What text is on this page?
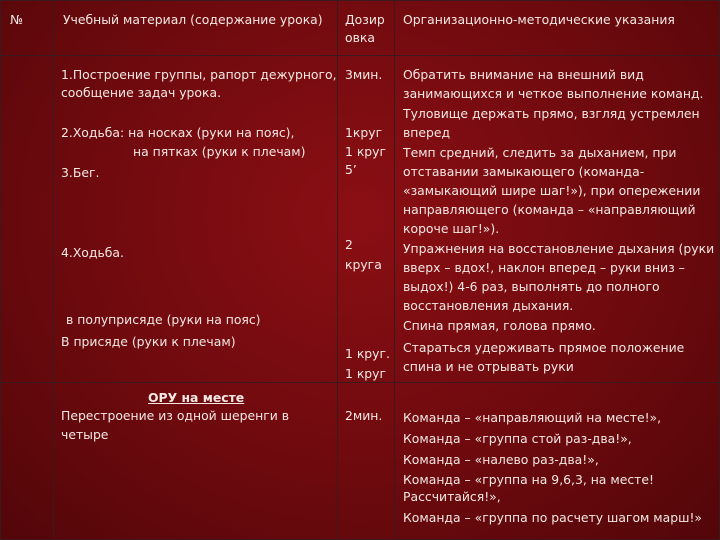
№	Учебный материал (содержание урока) Дозир
овка
Организационно-методические указания
1.Построение группы, рапорт дежурного,
сообщение задач урока.
2.Ходьба: на носках (руки на пояс),
на пятках (руки к плечам)
3.Бег.
4.Ходьба.
в полуприсяде (руки на пояс)
В присяде (руки к плечам)
3мин.
1круг
1 круг
5’
2
круга
1 круг.
1 круг
Обратить внимание на внешний вид
занимающихся и четкое выполнение команд.
Туловище держать прямо, взгляд устремлен
вперед
Темп средний, следить за дыханием, при
отставании замыкающего (команда-
«замыкающий шире шаг!»), при опережении
направляющего (команда – «направляющий
короче шаг!»).
Упражнения на восстановление дыхания (руки
вверх – вдох!, наклон вперед – руки вниз –
выдох!) 4-6 раз, выполнять до полного
восстановления дыхания.
Спина прямая, голова прямо.
Стараться удерживать прямое положение
спина и не отрывать руки
ОРУ на месте
Перестроение из одной шеренги в
четыре
2мин. Команда – «направляющий на месте!»,
Команда – «группа стой раз-два!»,
Команда – «налево раз-два!»,
Команда – «группа на 9,6,3, на месте!
Рассчитайся!»,
Команда – «группа по расчету шагом марш!»
